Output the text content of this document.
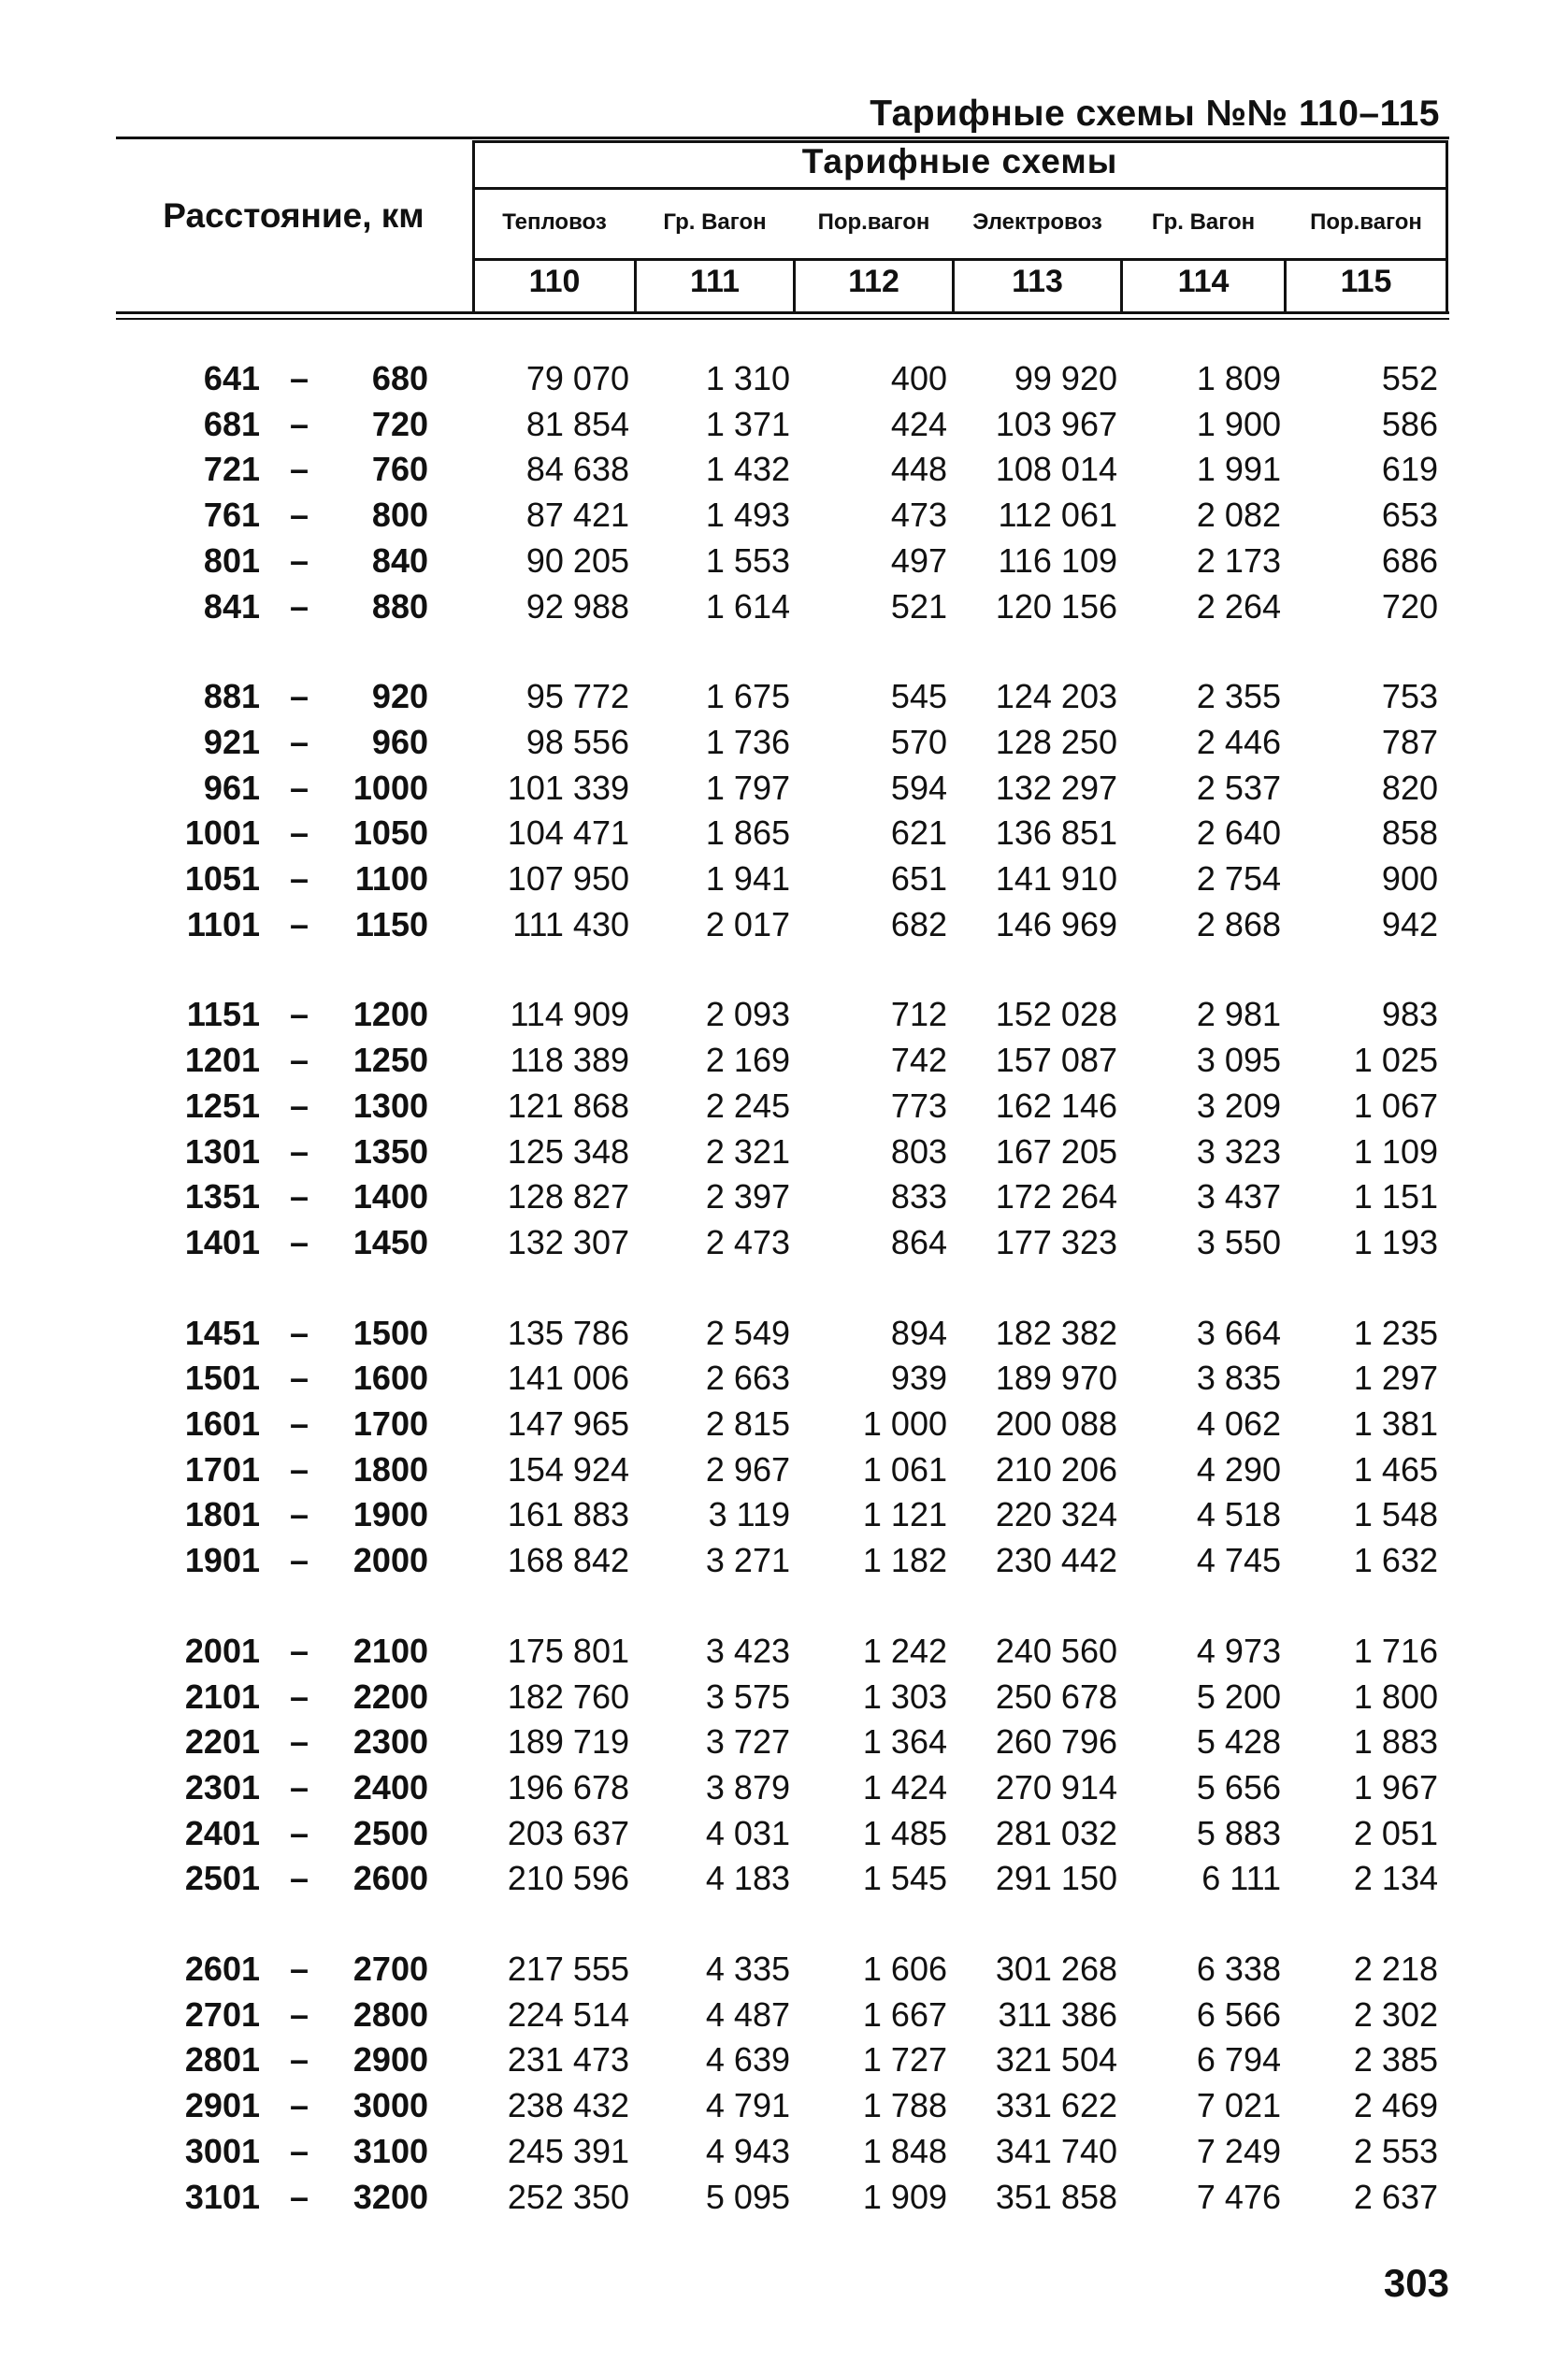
Тарифные схемы №№ 110–115
Расстояние, км
Тарифные схемы
Тепловоз	Гр. Вагон	Пор.вагон	Электровоз	Гр. Вагон	Пор.вагон
110	111	112	113	114	115
641 –	680	79 070	1 310	400	99 920	1 809	552
681 –	720	81 854	1 371	424	103 967	1 900	586
721 –	760	84 638	1 432	448	108 014	1 991	619
761 –	800	87 421	1 493	473	112 061	2 082	653
801 –	840	90 205	1 553	497	116 109	2 173	686
841 –	880	92 988	1 614	521	120 156	2 264	720
881 –	920	95 772	1 675	545	124 203	2 355	753
921 –	960	98 556	1 736	570	128 250	2 446	787
961 –	1000	101 339	1 797	594	132 297	2 537	820
1001 –	1050	104 471	1 865	621	136 851	2 640	858
1051 –	1100	107 950	1 941	651	141 910	2 754	900
1101 –	1150	111 430	2 017	682	146 969	2 868	942
1151 –	1200	114 909	2 093	712	152 028	2 981	983
1201 –	1250	118 389	2 169	742	157 087	3 095	1 025
1251 –	1300	121 868	2 245	773	162 146	3 209	1 067
1301 –	1350	125 348	2 321	803	167 205	3 323	1 109
1351 –	1400	128 827	2 397	833	172 264	3 437	1 151
1401 –	1450	132 307	2 473	864	177 323	3 550	1 193
1451 –	1500	135 786	2 549	894	182 382	3 664	1 235
1501 –	1600	141 006	2 663	939	189 970	3 835	1 297
1601 –	1700	147 965	2 815	1 000	200 088	4 062	1 381
1701 –	1800	154 924	2 967	1 061	210 206	4 290	1 465
1801 –	1900	161 883	3 119	1 121	220 324	4 518	1 548
1901 –	2000	168 842	3 271	1 182	230 442	4 745	1 632
2001 –	2100	175 801	3 423	1 242	240 560	4 973	1 716
2101 –	2200	182 760	3 575	1 303	250 678	5 200	1 800
2201 –	2300	189 719	3 727	1 364	260 796	5 428	1 883
2301 –	2400	196 678	3 879	1 424	270 914	5 656	1 967
2401 –	2500	203 637	4 031	1 485	281 032	5 883	2 051
2501 –	2600	210 596	4 183	1 545	291 150	6 111	2 134
2601 –	2700	217 555	4 335	1 606	301 268	6 338	2 218
2701 –	2800	224 514	4 487	1 667	311 386	6 566	2 302
2801 –	2900	231 473	4 639	1 727	321 504	6 794	2 385
2901 –	3000	238 432	4 791	1 788	331 622	7 021	2 469
3001 –	3100	245 391	4 943	1 848	341 740	7 249	2 553
3101 –	3200	252 350	5 095	1 909	351 858	7 476	2 637
303
